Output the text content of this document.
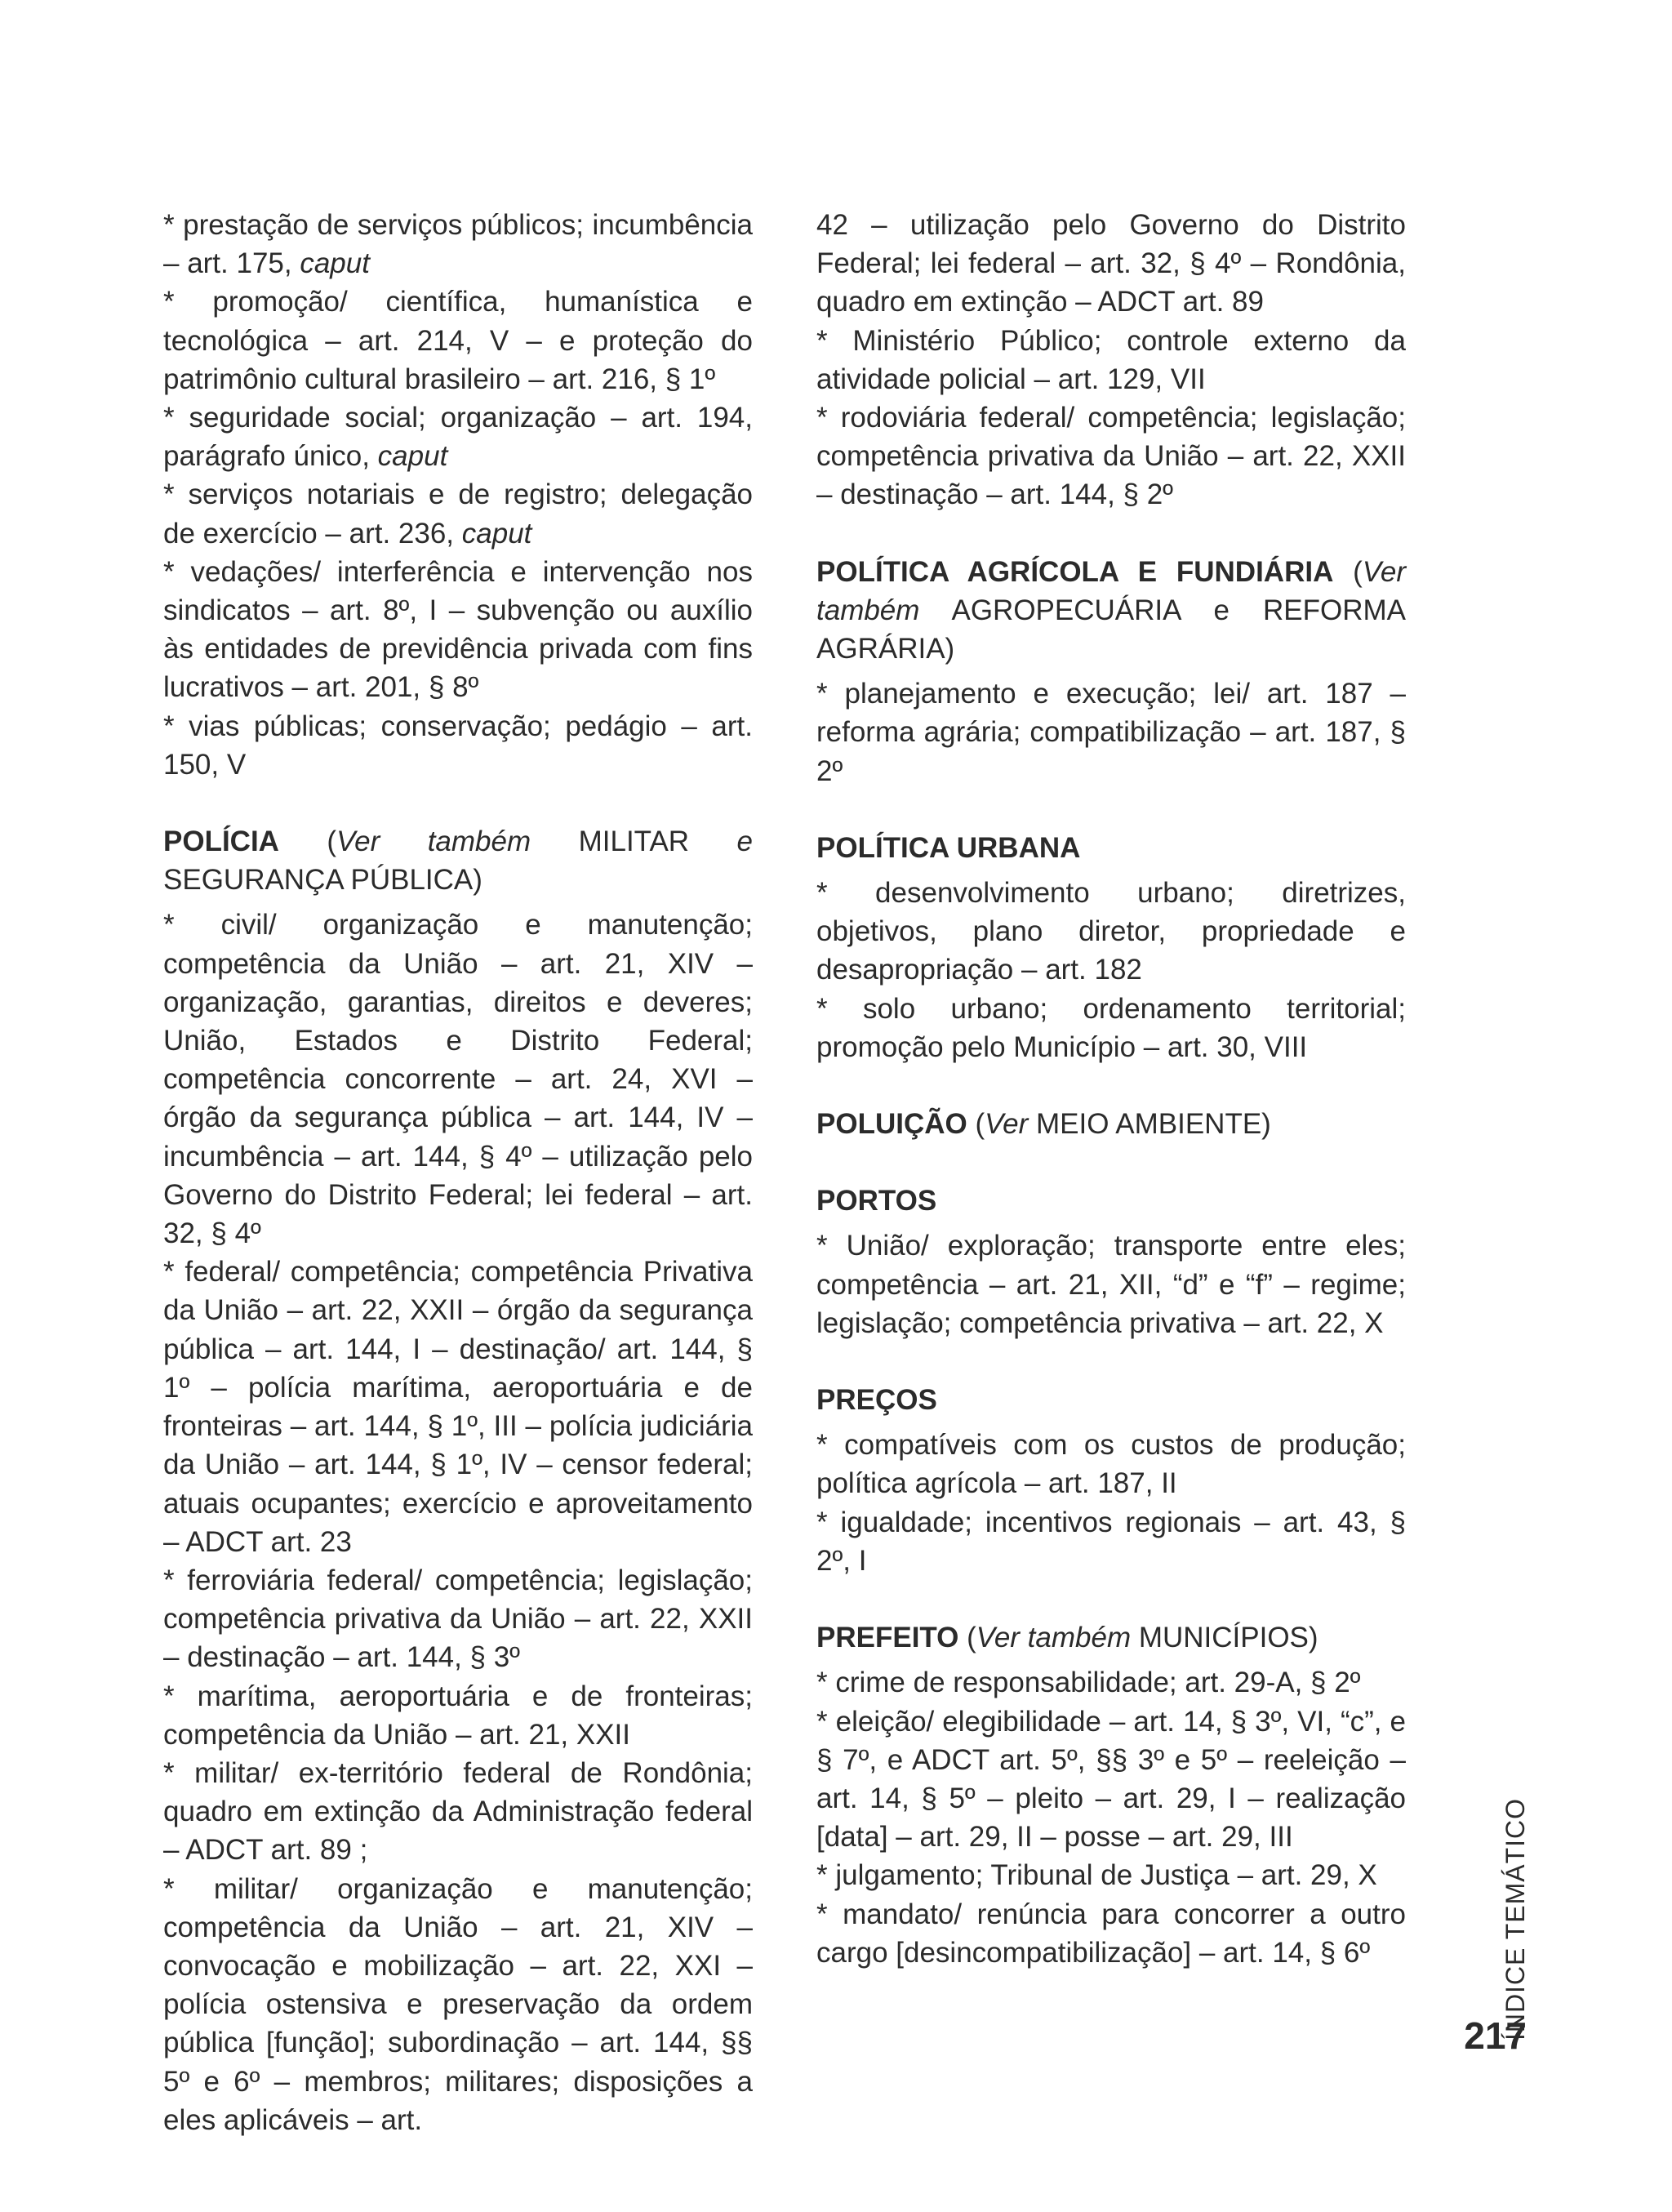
* prestação de serviços públicos; incumbência – art. 175, caput

* promoção/ científica, humanística e tecnológica – art. 214, V – e proteção do patrimônio cultural brasileiro – art. 216, § 1º

* seguridade social; organização – art. 194, parágrafo único, caput

* serviços notariais e de registro; delegação de exercício – art. 236, caput

* vedações/ interferência e intervenção nos sindicatos – art. 8º, I – subvenção ou auxílio às entidades de previdência privada com fins lucrativos – art. 201, § 8º

* vias públicas; conservação; pedágio – art. 150, V

POLÍCIA (Ver também MILITAR e SEGURANÇA PÚBLICA)

* civil/ organização e manutenção; competência da União – art. 21, XIV – organização, garantias, direitos e deveres; União, Estados e Distrito Federal; competência concorrente – art. 24, XVI – órgão da segurança pública – art. 144, IV – incumbência – art. 144, § 4º – utilização pelo Governo do Distrito Federal; lei federal – art. 32, § 4º

* federal/ competência; competência Privativa da União – art. 22, XXII – órgão da segurança pública – art. 144, I – destinação/ art. 144, § 1º – polícia marítima, aeroportuária e de fronteiras – art. 144, § 1º, III – polícia judiciária da União – art. 144, § 1º, IV – censor federal; atuais ocupantes; exercício e aproveitamento – ADCT art. 23

* ferroviária federal/ competência; legislação; competência privativa da União – art. 22, XXII – destinação – art. 144, § 3º

* marítima, aeroportuária e de fronteiras; competência da União – art. 21, XXII

* militar/ ex-território federal de Rondônia; quadro em extinção da Administração federal – ADCT art. 89 ;

* militar/ organização e manutenção; competência da União – art. 21, XIV – convocação e mobilização – art. 22, XXI – polícia ostensiva e preservação da ordem pública [função]; subordinação – art. 144, §§ 5º e 6º – membros; militares; disposições a eles aplicáveis – art.

42 – utilização pelo Governo do Distrito Federal; lei federal – art. 32, § 4º – Rondônia, quadro em extinção – ADCT art. 89

* Ministério Público; controle externo da atividade policial – art. 129, VII

* rodoviária federal/ competência; legislação; competência privativa da União – art. 22, XXII – destinação – art. 144, § 2º

POLÍTICA AGRÍCOLA E FUNDIÁRIA (Ver também AGROPECUÁRIA e REFORMA AGRÁRIA)

* planejamento e execução; lei/ art. 187 – reforma agrária; compatibilização – art. 187, § 2º

POLÍTICA URBANA

* desenvolvimento urbano; diretrizes, objetivos, plano diretor, propriedade e desapropriação – art. 182

* solo urbano; ordenamento territorial; promoção pelo Município – art. 30, VIII

POLUIÇÃO (Ver MEIO AMBIENTE)

PORTOS

* União/ exploração; transporte entre eles; competência – art. 21, XII, “d” e “f” – regime; legislação; competência privativa – art. 22, X

PREÇOS

* compatíveis com os custos de produção; política agrícola – art. 187, II

* igualdade; incentivos regionais – art. 43, § 2º, I

PREFEITO (Ver também MUNICÍPIOS)

* crime de responsabilidade; art. 29-A, § 2º

* eleição/ elegibilidade – art. 14, § 3º, VI, “c”, e § 7º, e ADCT art. 5º, §§ 3º e 5º – reeleição – art. 14, § 5º – pleito – art. 29, I – realização [data] – art. 29, II – posse – art. 29, III

* julgamento; Tribunal de Justiça – art. 29, X

* mandato/ renúncia para concorrer a outro cargo [desincompatibilização] – art. 14, § 6º	ÍNDICE TEMÁTICO
217
